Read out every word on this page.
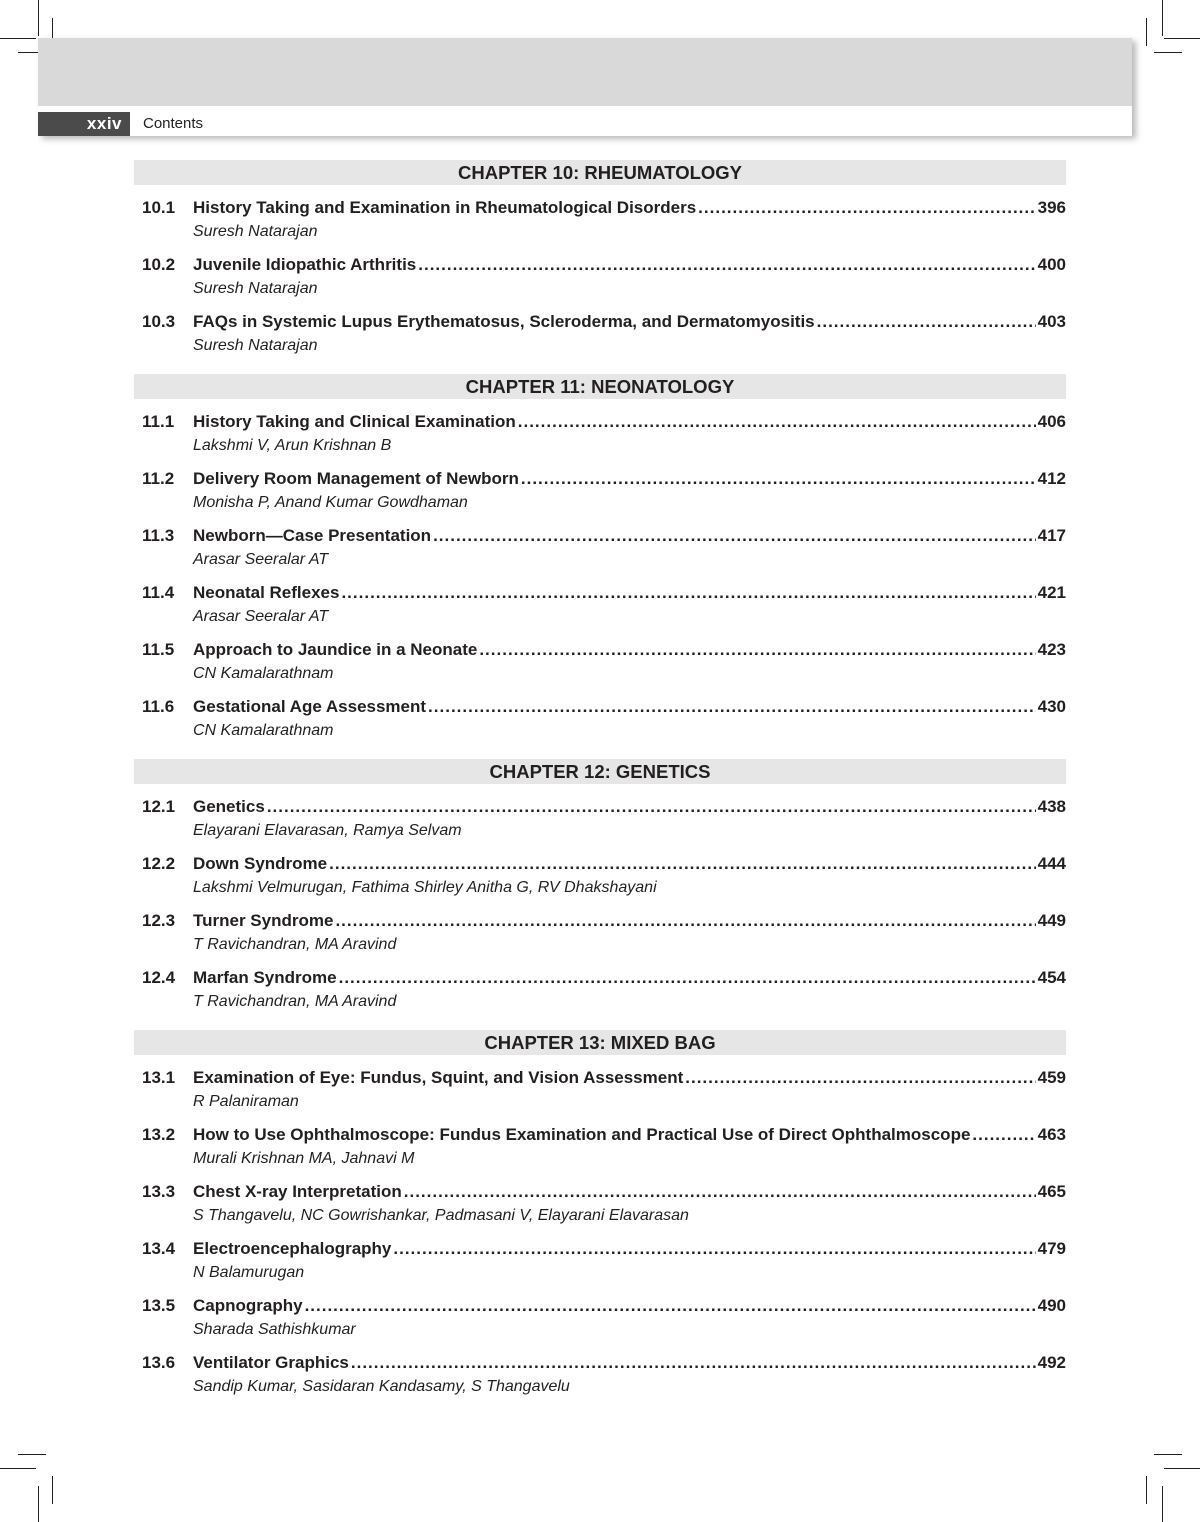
xxiv	Contents
CHAPTER 10: RHEUMATOLOGY
10.1 History Taking and Examination in Rheumatological Disorders .....	396
Suresh Natarajan
10.2 Juvenile Idiopathic Arthritis .....	400
Suresh Natarajan
10.3 FAQs in Systemic Lupus Erythematosus, Scleroderma, and Dermatomyositis .....	403
Suresh Natarajan
CHAPTER 11: NEONATOLOGY
11.1 History Taking and Clinical Examination .....	406
Lakshmi V, Arun Krishnan B
11.2 Delivery Room Management of Newborn .....	412
Monisha P, Anand Kumar Gowdhaman
11.3 Newborn—Case Presentation .....	417
Arasar Seeralar AT
11.4 Neonatal Reflexes .....	421
Arasar Seeralar AT
11.5 Approach to Jaundice in a Neonate .....	423
CN Kamalarathnam
11.6 Gestational Age Assessment .....	430
CN Kamalarathnam
CHAPTER 12: GENETICS
12.1 Genetics .....	438
Elayarani Elavarasan, Ramya Selvam
12.2 Down Syndrome .....	444
Lakshmi Velmurugan, Fathima Shirley Anitha G, RV Dhakshayani
12.3 Turner Syndrome .....	449
T Ravichandran, MA Aravind
12.4 Marfan Syndrome .....	454
T Ravichandran, MA Aravind
CHAPTER 13: MIXED BAG
13.1 Examination of Eye: Fundus, Squint, and Vision Assessment .....	459
R Palaniraman
13.2 How to Use Ophthalmoscope: Fundus Examination and Practical Use of Direct Ophthalmoscope .....	463
Murali Krishnan MA, Jahnavi M
13.3 Chest X-ray Interpretation .....	465
S Thangavelu, NC Gowrishankar, Padmasani V, Elayarani Elavarasan
13.4 Electroencephalography .....	479
N Balamurugan
13.5 Capnography .....	490
Sharada Sathishkumar
13.6 Ventilator Graphics .....	492
Sandip Kumar, Sasidaran Kandasamy, S Thangavelu
